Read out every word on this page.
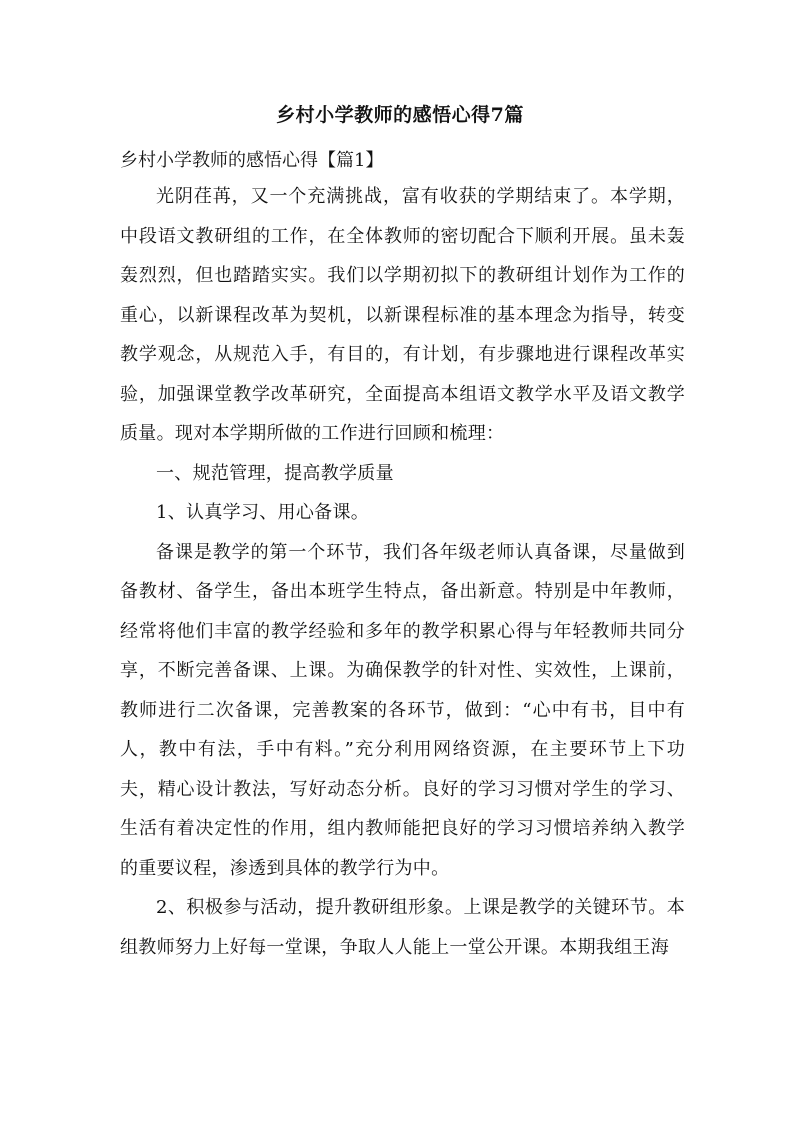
乡村小学教师的感悟心得7篇
乡村小学教师的感悟心得【篇1】

光阴荏苒，又一个充满挑战，富有收获的学期结束了。本学期，中段语文教研组的工作，在全体教师的密切配合下顺利开展。虽未轰轰烈烈，但也踏踏实实。我们以学期初拟下的教研组计划作为工作的重心，以新课程改革为契机，以新课程标准的基本理念为指导，转变教学观念，从规范入手，有目的，有计划，有步骤地进行课程改革实验，加强课堂教学改革研究，全面提高本组语文教学水平及语文教学质量。现对本学期所做的工作进行回顾和梳理：

一、规范管理，提高教学质量

1、认真学习、用心备课。

备课是教学的第一个环节，我们各年级老师认真备课，尽量做到备教材、备学生，备出本班学生特点，备出新意。特别是中年教师，经常将他们丰富的教学经验和多年的教学积累心得与年轻教师共同分享，不断完善备课、上课。为确保教学的针对性、实效性，上课前，教师进行二次备课，完善教案的各环节，做到：“心中有书，目中有人，教中有法，手中有料。”充分利用网络资源，在主要环节上下功夫，精心设计教法，写好动态分析。良好的学习习惯对学生的学习、生活有着决定性的作用，组内教师能把良好的学习习惯培养纳入教学的重要议程，渗透到具体的教学行为中。

2、积极参与活动，提升教研组形象。上课是教学的关键环节。本组教师努力上好每一堂课，争取人人能上一堂公开课。本期我组王海
